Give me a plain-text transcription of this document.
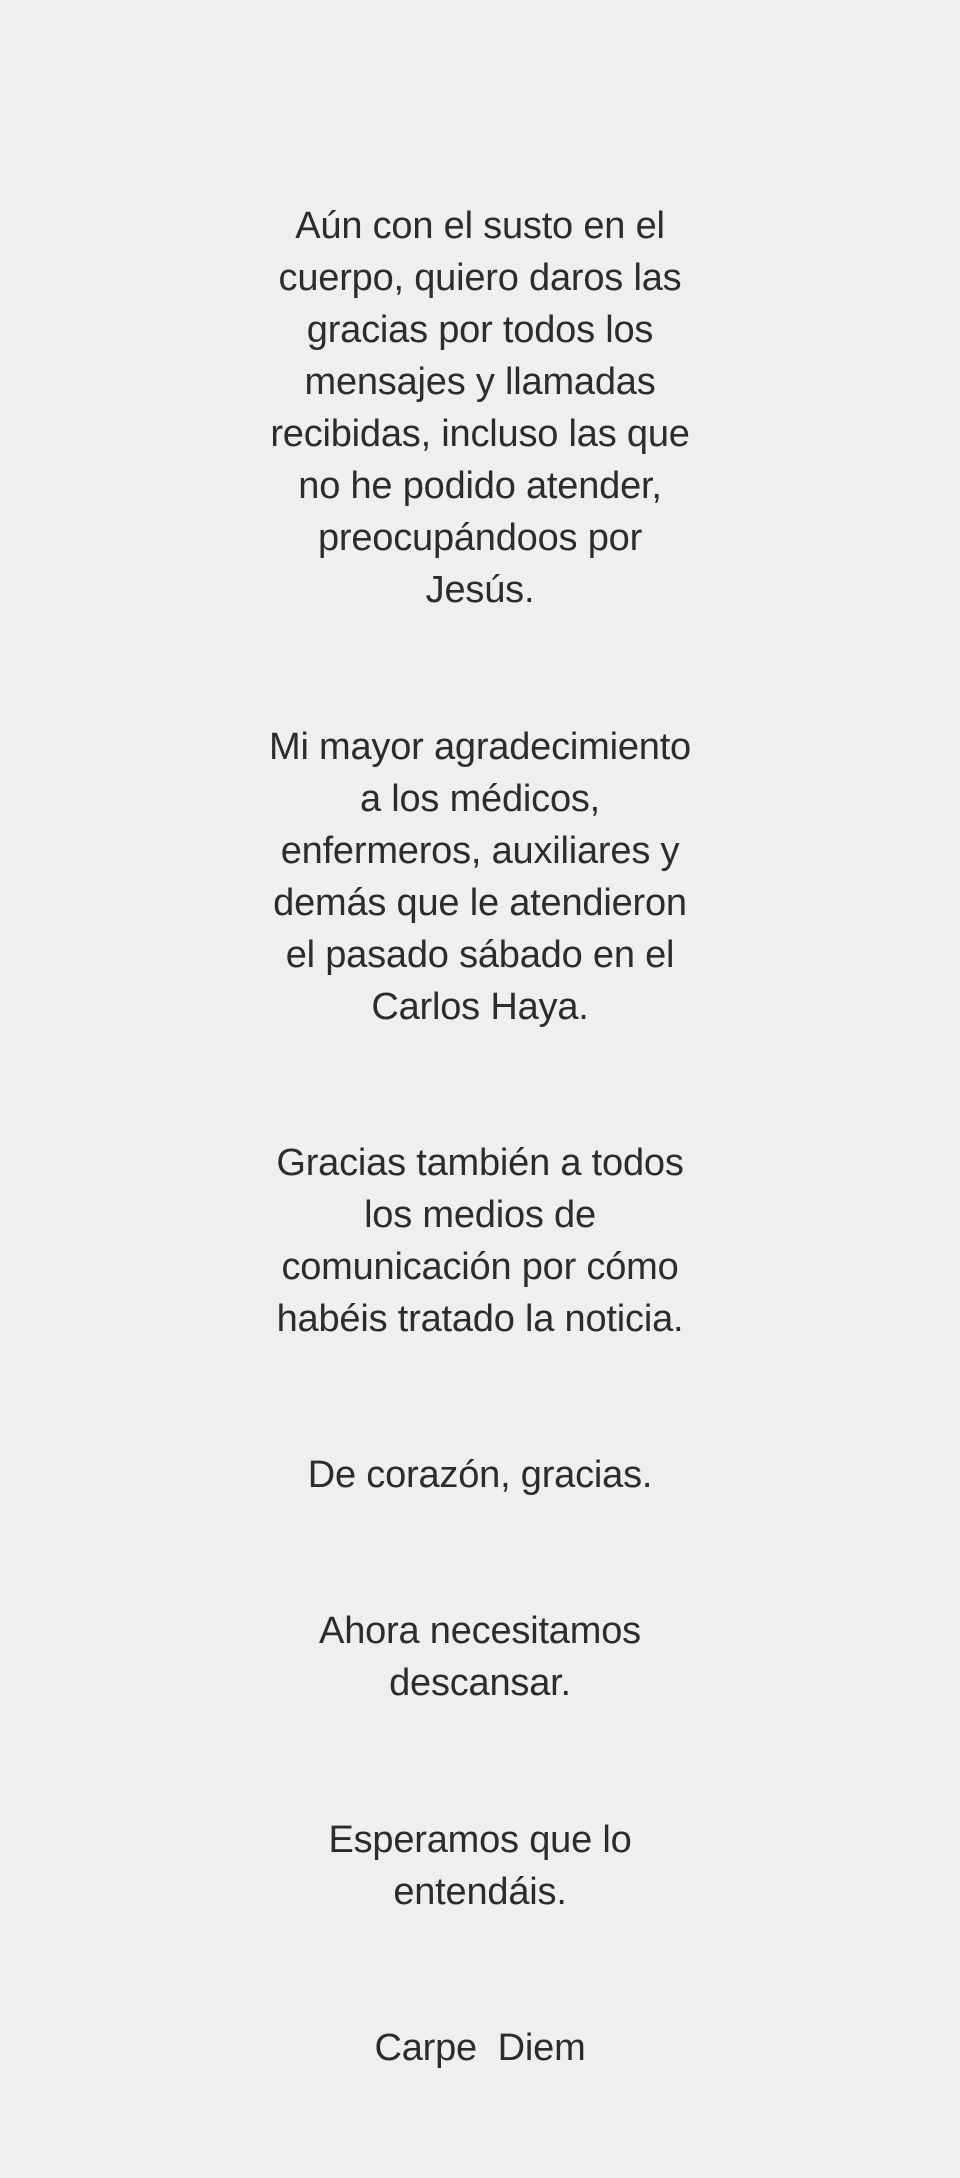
Aún con el susto en el cuerpo, quiero daros las gracias por todos los mensajes y llamadas recibidas, incluso las que no he podido atender, preocupándoos por Jesús.

Mi mayor agradecimiento a los médicos, enfermeros, auxiliares y demás que le atendieron el pasado sábado en el Carlos Haya.

Gracias también a todos los medios de comunicación por cómo habéis tratado la noticia.

De corazón, gracias.

Ahora necesitamos descansar.

Esperamos que lo entendáis.

Carpe  Diem
